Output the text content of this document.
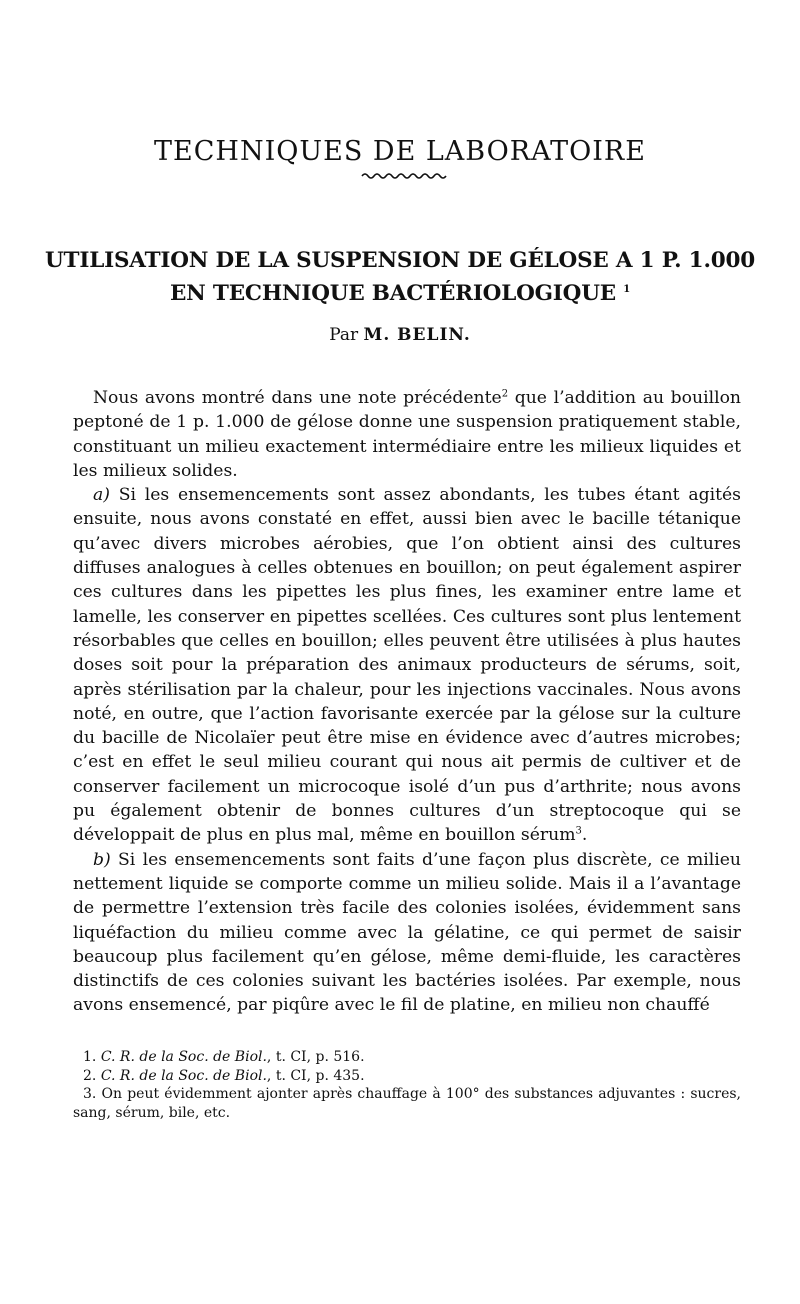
TECHNIQUES DE LABORATOIRE
UTILISATION DE LA SUSPENSION DE GÉLOSE A 1 P. 1.000
EN TECHNIQUE BACTÉRIOLOGIQUE $^1$
Par M. BELIN.

Nous avons montré dans une note précédente$^2$ que l’addition au bouillon peptoné de 1 p. 1.000 de gélose donne une suspension pratiquement stable, constituant un milieu exactement intermédiaire entre les milieux liquides et les milieux solides.

a) Si les ensemencements sont assez abondants, les tubes étant agités ensuite, nous avons constaté en effet, aussi bien avec le bacille tétanique qu’avec divers microbes aérobies, que l’on obtient ainsi des cultures diffuses analogues à celles obtenues en bouillon; on peut également aspirer ces cultures dans les pipettes les plus fines, les examiner entre lame et lamelle, les conserver en pipettes scellées. Ces cultures sont plus lentement résorbables que celles en bouillon; elles peuvent être utilisées à plus hautes doses soit pour la préparation des animaux producteurs de sérums, soit, après stérilisation par la chaleur, pour les injections vaccinales. Nous avons noté, en outre, que l’action favorisante exercée par la gélose sur la culture du bacille de Nicolaïer peut être mise en évidence avec d’autres microbes; c’est en effet le seul milieu courant qui nous ait permis de cultiver et de conserver facilement un microcoque isolé d’un pus d’arthrite; nous avons pu également obtenir de bonnes cultures d’un streptocoque qui se développait de plus en plus mal, même en bouillon sérum$^3$.

b) Si les ensemencements sont faits d’une façon plus discrète, ce milieu nettement liquide se comporte comme un milieu solide. Mais il a l’avantage de permettre l’extension très facile des colonies isolées, évidemment sans liquéfaction du milieu comme avec la gélatine, ce qui permet de saisir beaucoup plus facilement qu’en gélose, même demi-fluide, les caractères distinctifs de ces colonies suivant les bactéries isolées. Par exemple, nous avons ensemencé, par piqûre avec le fil de platine, en milieu non chauffé

1. C. R. de la Soc. de Biol., t. CI, p. 516.

2. C. R. de la Soc. de Biol., t. CI, p. 435.

3. On peut évidemment ajonter après chauffage à 100° des substances adjuvantes : sucres, sang, sérum, bile, etc.
